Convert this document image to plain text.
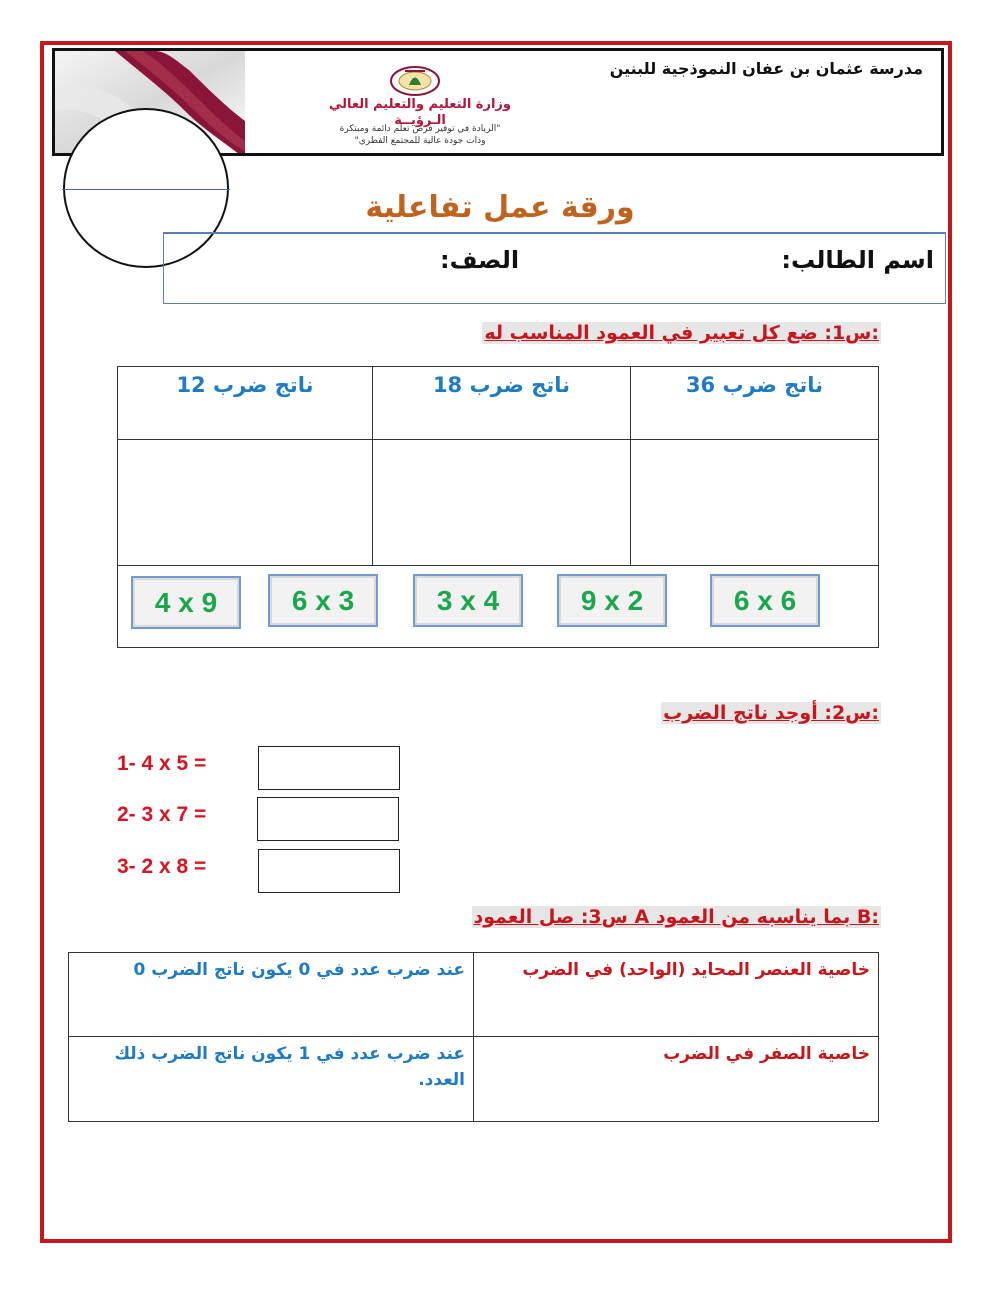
مدرسة عثمان بن عفان النموذجية للبنين
وزارة التعليم والتعليم العالي
الـرؤيــة
"الريادة في توفير فرص تعلم دائمة ومبتكرة
وذات جودة عالية للمجتمع القطري"
ورقة عمل تفاعلية
اسم الطالب:
الصف:
س1: ضع كل تعبير في العمود المناسب له:
ناتج ضرب 12	ناتج ضرب 18	ناتج ضرب 36

6 x 6
9 x 2
3 x 4
6 x 3
4 x 9
س2: أوجد ناتج الضرب:
1- 4 x 5 =
2- 3 x 7 =
3- 2 x 8 =
س3: صل العمود A بما يناسبه من العمود B:
عند ضرب عدد في 0 يكون ناتج الضرب 0	خاصية العنصر المحايد (الواحد) في الضرب
عند ضرب عدد في 1 يكون ناتج الضرب ذلك العدد.	خاصية الصفر في الضرب
